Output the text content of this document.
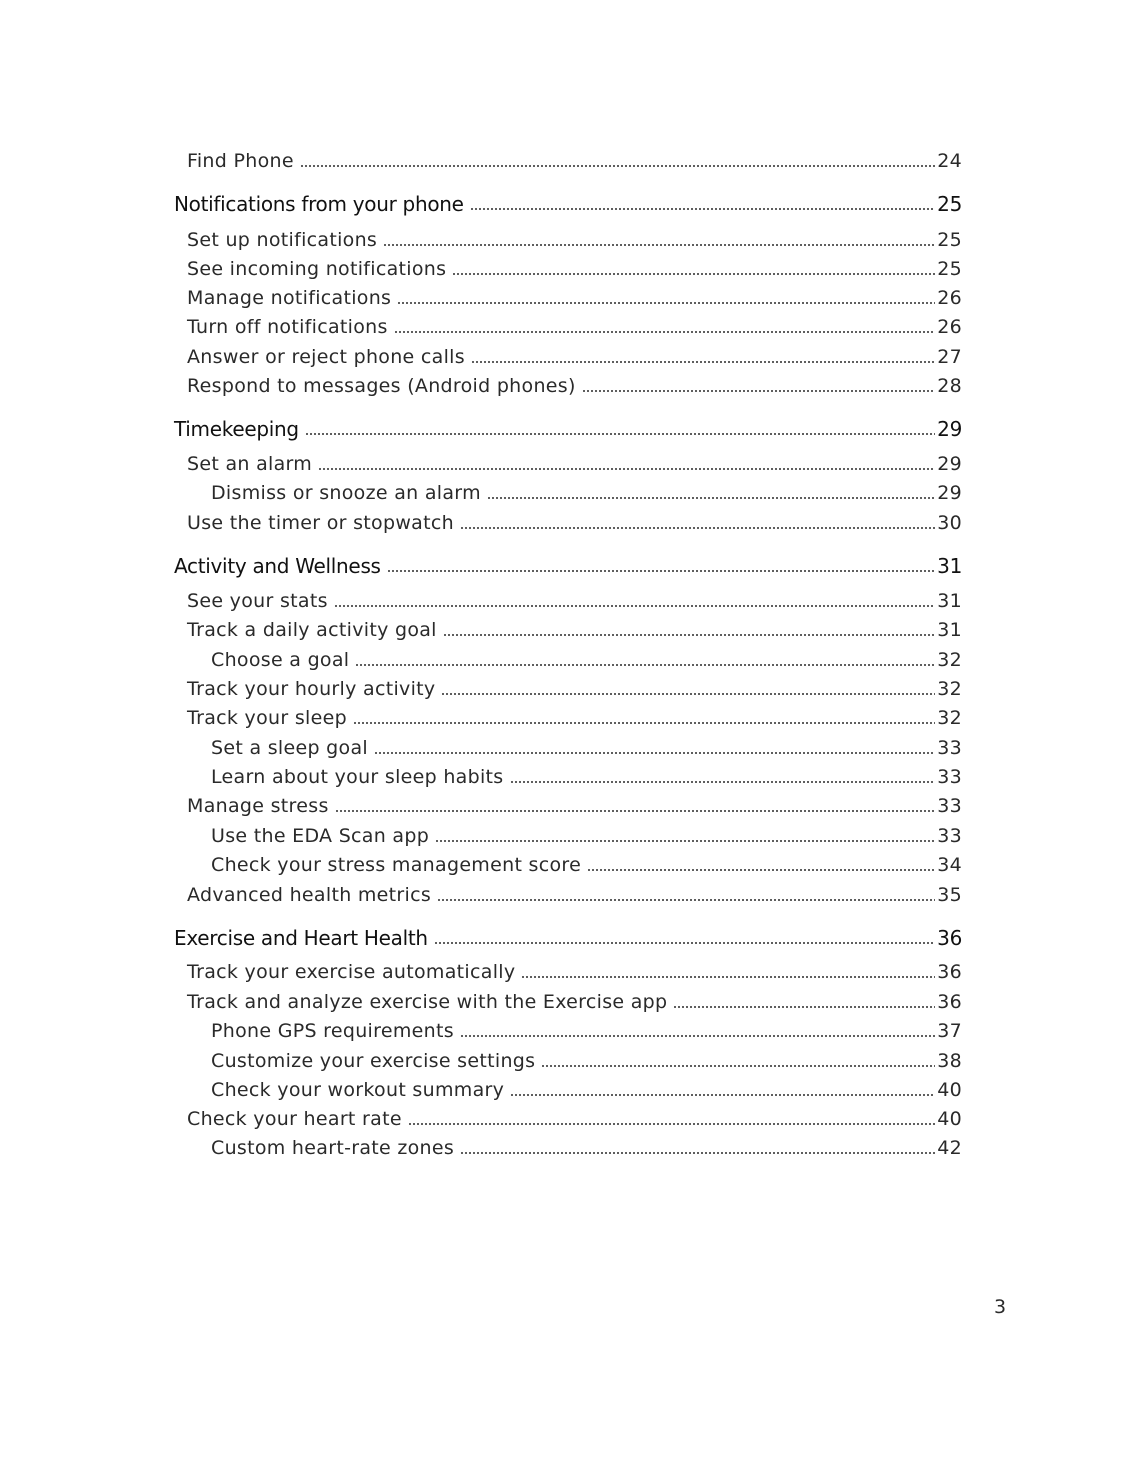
Find Phone	24
Notifications from your phone	25
Set up notifications	25
See incoming notifications	25
Manage notifications	26
Turn off notifications	26
Answer or reject phone calls	27
Respond to messages (Android phones)	28
Timekeeping	29
Set an alarm	29
Dismiss or snooze an alarm	29
Use the timer or stopwatch	30
Activity and Wellness	31
See your stats	31
Track a daily activity goal	31
Choose a goal	32
Track your hourly activity	32
Track your sleep	32
Set a sleep goal	33
Learn about your sleep habits	33
Manage stress	33
Use the EDA Scan app	33
Check your stress management score	34
Advanced health metrics	35
Exercise and Heart Health	36
Track your exercise automatically	36
Track and analyze exercise with the Exercise app	36
Phone GPS requirements	37
Customize your exercise settings	38
Check your workout summary	40
Check your heart rate	40
Custom heart-rate zones	42
3
